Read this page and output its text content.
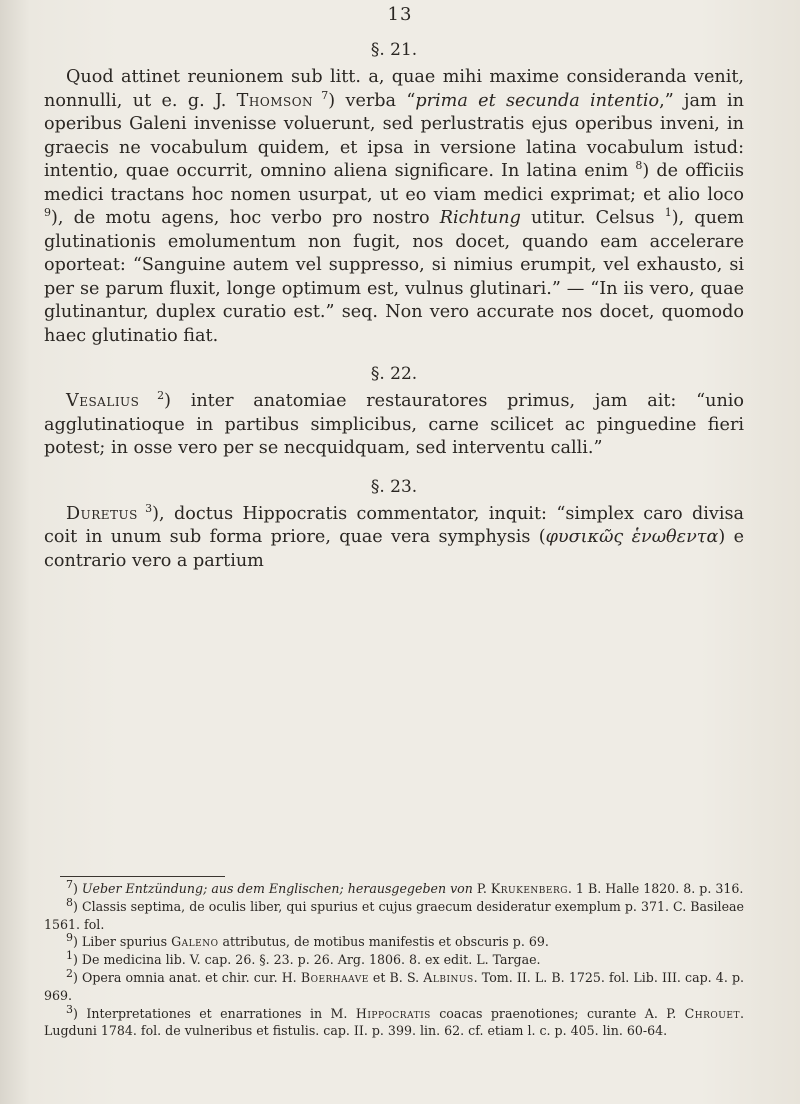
13
§. 21.

Quod attinet reunionem sub litt. a, quae mihi maxime consideranda venit, nonnulli, ut e. g. J. Thomson $^7$) verba “prima et secunda intentio,” jam in operibus Galeni invenisse voluerunt, sed perlustratis ejus operibus inveni, in graecis ne vocabulum quidem, et ipsa in versione latina vocabulum istud: intentio, quae occurrit, omnino aliena significare. In latina enim $^8$) de officiis medici tractans hoc nomen usurpat, ut eo viam medici exprimat; et alio loco $^9$), de motu agens, hoc verbo pro nostro Richtung utitur. Celsus $^1$), quem glutinationis emolumentum non fugit, nos docet, quando eam accelerare oporteat: “Sanguine autem vel suppresso, si nimius erumpit, vel exhausto, si per se parum fluxit, longe optimum est, vulnus glutinari.” — “In iis vero, quae glutinantur, duplex curatio est.” seq. Non vero accurate nos docet, quomodo haec glutinatio fiat.

§. 22.

Vesalius $^2$) inter anatomiae restauratores primus, jam ait: “unio agglutinatioque in partibus simplicibus, carne scilicet ac pinguedine fieri potest; in osse vero per se necquidquam, sed interventu calli.”

§. 23.

Duretus $^3$), doctus Hippocratis commentator, inquit: “simplex caro divisa coit in unum sub forma priore, quae vera symphysis (φυσικῶς ἑνωθεντα) e contrario vero a partium

7) Ueber Entzündung; aus dem Englischen; herausgegeben von P. Krukenberg. 1 B. Halle 1820. 8. p. 316.

8) Classis septima, de oculis liber, qui spurius et cujus graecum desideratur exemplum p. 371. C. Basileae 1561. fol.

9) Liber spurius Galeno attributus, de motibus manifestis et obscuris p. 69.

1) De medicina lib. V. cap. 26. §. 23. p. 26. Arg. 1806. 8. ex edit. L. Targae.

2) Opera omnia anat. et chir. cur. H. Boerhaave et B. S. Albinus. Tom. II. L. B. 1725. fol. Lib. III. cap. 4. p. 969.

3) Interpretationes et enarrationes in M. Hippocratis coacas praenotiones; curante A. P. Chrouet. Lugduni 1784. fol. de vulneribus et fistulis. cap. II. p. 399. lin. 62. cf. etiam l. c. p. 405. lin. 60-64.
